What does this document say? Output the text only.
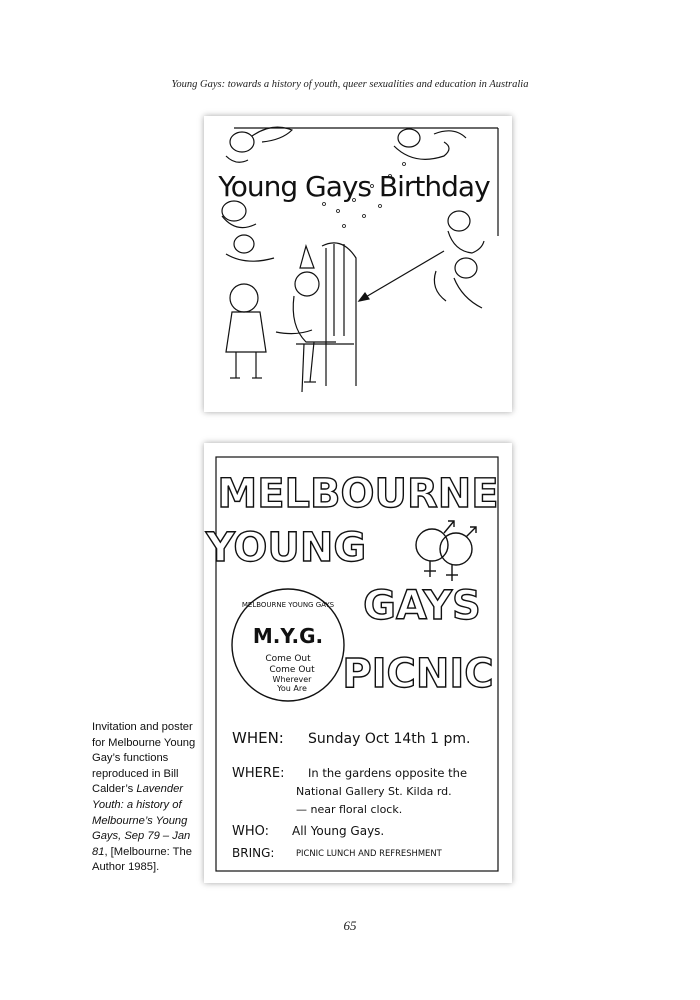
Young Gays: towards a history of youth, queer sexualities and education in Australia
Young Gays Birthday
MELBOURNE
YOUNG
GAYS
PICNIC
MELBOURNE YOUNG GAYS
M.Y.G.
Come Out
Come Out
Wherever
You Are
WHEN: Sunday Oct 14th 1 pm.
WHERE: In the gardens opposite the
National Gallery St. Kilda rd.
— near floral clock.
WHO: All Young Gays.
BRING:	PICNIC LUNCH AND REFRESHMENT
Invitation and poster for Melbourne Young Gay’s functions reproduced in Bill Calder’s Lavender Youth: a history of Melbourne’s Young Gays, Sep 79 – Jan 81, [Melbourne: The Author 1985].
65
